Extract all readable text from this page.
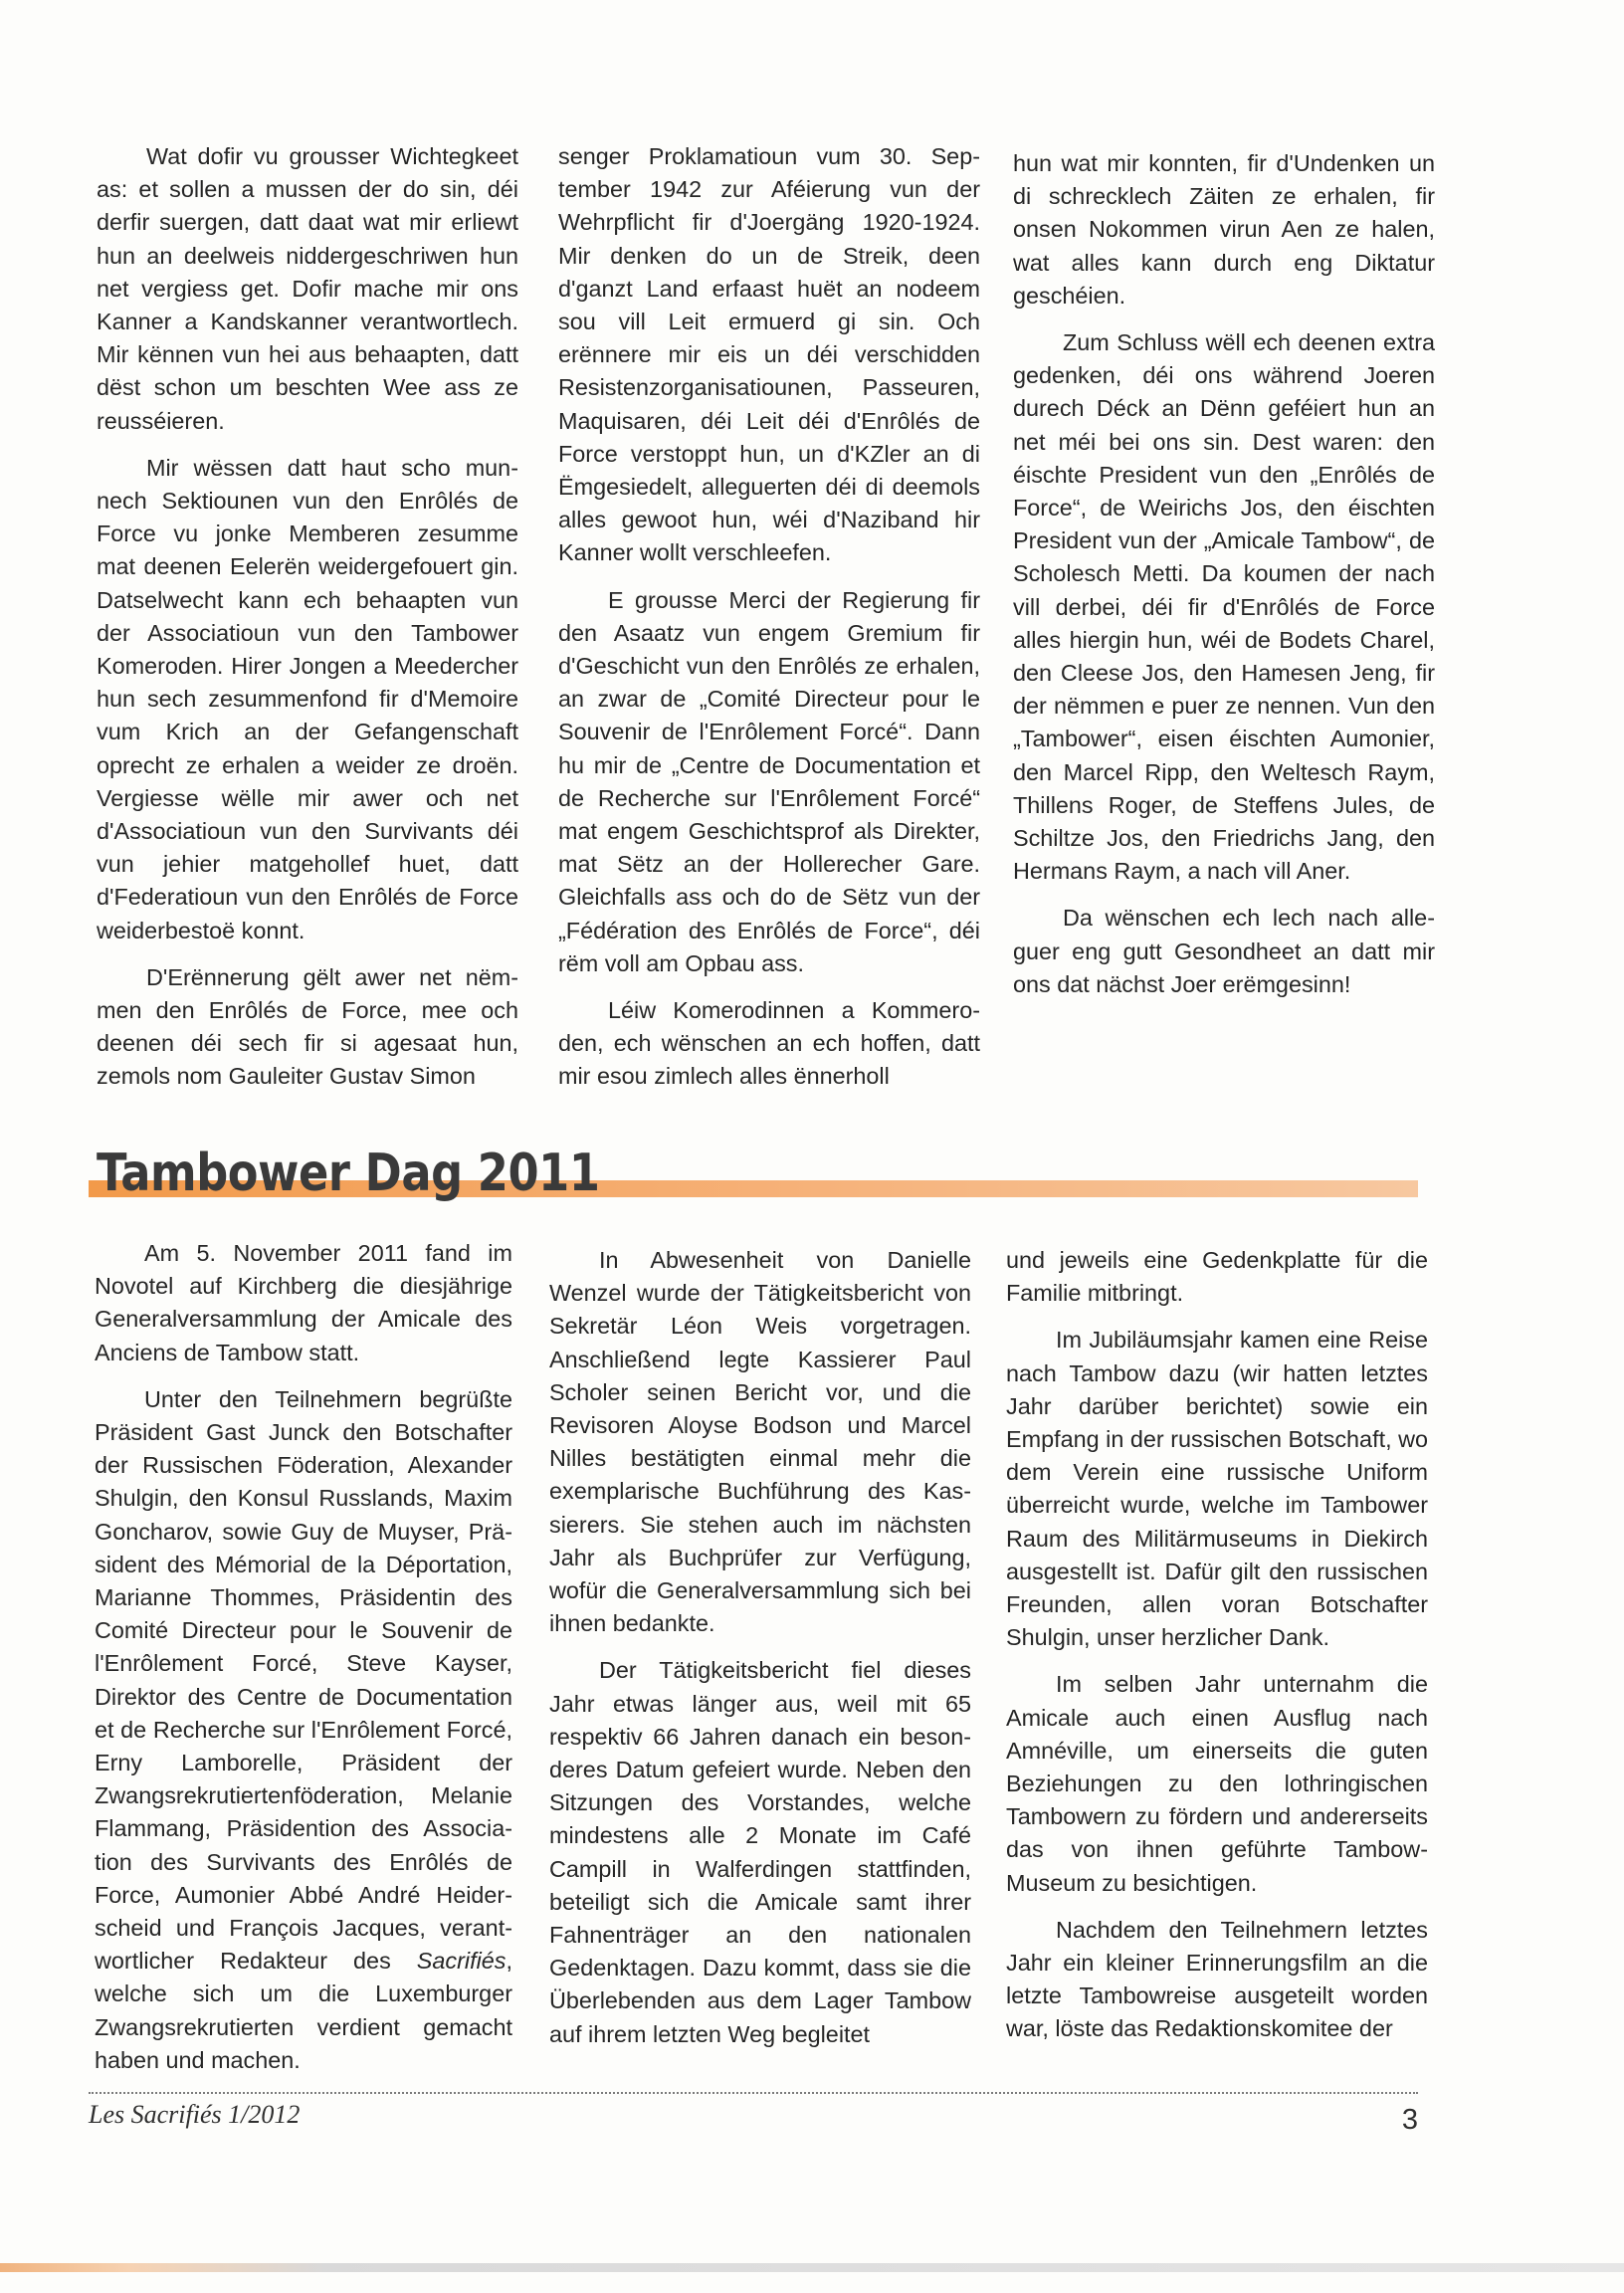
Wat dofir vu grousser Wichtegkeet as: et sollen a mussen der do sin, déi derfir suergen, datt daat wat mir erliewt hun an deelweis niddergeschriwen hun net vergiess get. Dofir mache mir ons Kanner a Kandskanner verantwortlech. Mir kënnen vun hei aus behaapten, datt dëst schon um beschten Wee ass ze reusséieren.

Mir wëssen datt haut scho munnech Sektiounen vun den Enrôlés de Force vu jonke Memberen zesumme mat deenen Eelerën weidergefouert gin. Datselwecht kann ech behaapten vun der Associatioun vun den Tambower Komeroden. Hirer Jongen a Meedercher hun sech zesummenfond fir d'Memoire vum Krich an der Gefangenschaft oprecht ze erhalen a weider ze droën. Vergiesse wëlle mir awer och net d'Associatioun vun den Survivants déi vun jehier matgehollef huet, datt d'Federatioun vun den Enrôlés de Force weiderbestoë konnt.

D'Erënnerung gëlt awer net nëmmen den Enrôlés de Force, mee och deenen déi sech fir si agesaat hun, zemols nom Gauleiter Gustav Simon

senger Proklamatioun vum 30. September 1942 zur Aféierung vun der Wehrpflicht fir d'Joergäng 1920-1924. Mir denken do un de Streik, deen d'ganzt Land erfaast huët an nodeem sou vill Leit ermuerd gi sin. Och erënnere mir eis un déi verschidden Resistenzorganisatiounen, Passeuren, Maquisaren, déi Leit déi d'Enrôlés de Force verstoppt hun, un d'KZler an di Ëmgesiedelt, alleguerten déi di deemols alles gewoot hun, wéi d'Naziband hir Kanner wollt verschleefen.

E grousse Merci der Regierung fir den Asaatz vun engem Gremium fir d'Geschicht vun den Enrôlés ze erhalen, an zwar de „Comité Directeur pour le Souvenir de l'Enrôlement Forcé“. Dann hu mir de „Centre de Documentation et de Recherche sur l'Enrôlement Forcé“ mat engem Geschichtsprof als Direkter, mat Sëtz an der Hollerecher Gare. Gleichfalls ass och do de Sëtz vun der „Fédération des Enrôlés de Force“, déi rëm voll am Opbau ass.

Léiw Komerodinnen a Kommeroden, ech wënschen an ech hoffen, datt mir esou zimlech alles ënnerholl

hun wat mir konnten, fir d'Undenken un di schrecklech Zäiten ze erhalen, fir onsen Nokommen virun Aen ze halen, wat alles kann durch eng Diktatur geschéien.

Zum Schluss wëll ech deenen extra gedenken, déi ons während Joeren durech Déck an Dënn geféiert hun an net méi bei ons sin. Dest waren: den éischte President vun den „Enrôlés de Force“, de Weirichs Jos, den éischten President vun der „Amicale Tambow“, de Scholesch Metti. Da koumen der nach vill derbei, déi fir d'Enrôlés de Force alles hiergin hun, wéi de Bodets Charel, den Cleese Jos, den Hamesen Jeng, fir der nëmmen e puer ze nennen. Vun den „Tambower“, eisen éischten Aumonier, den Marcel Ripp, den Weltesch Raym, Thillens Roger, de Steffens Jules, de Schiltze Jos, den Friedrichs Jang, den Hermans Raym, a nach vill Aner.

Da wënschen ech lech nach alleguer eng gutt Gesondheet an datt mir ons dat nächst Joer erëmgesinn!

Tambower Dag 2011

Am 5. November 2011 fand im Novotel auf Kirchberg die diesjährige Generalversammlung der Amicale des Anciens de Tambow statt.

Unter den Teilnehmern begrüßte Präsident Gast Junck den Botschafter der Russischen Föderation, Alexander Shulgin, den Konsul Russlands, Maxim Goncharov, sowie Guy de Muyser, Präsident des Mémorial de la Déportation, Marianne Thommes, Präsidentin des Comité Directeur pour le Souvenir de l'Enrôlement Forcé, Steve Kayser, Direktor des Centre de Documentation et de Recherche sur l'Enrôlement Forcé, Erny Lamborelle, Präsident der Zwangsrekrutiertenföderation, Melanie Flammang, Präsidention des Association des Survivants des Enrôlés de Force, Aumonier Abbé André Heiderscheid und François Jacques, verantwortlicher Redakteur des Sacrifiés, welche sich um die Luxemburger Zwangsrekrutierten verdient gemacht haben und machen.

In Abwesenheit von Danielle Wenzel wurde der Tätigkeitsbericht von Sekretär Léon Weis vorgetragen. Anschließend legte Kassierer Paul Scholer seinen Bericht vor, und die Revisoren Aloyse Bodson und Marcel Nilles bestätigten einmal mehr die exemplarische Buchführung des Kassierers. Sie stehen auch im nächsten Jahr als Buchprüfer zur Verfügung, wofür die Generalversammlung sich bei ihnen bedankte.

Der Tätigkeitsbericht fiel dieses Jahr etwas länger aus, weil mit 65 respektiv 66 Jahren danach ein besonderes Datum gefeiert wurde. Neben den Sitzungen des Vorstandes, welche mindestens alle 2 Monate im Café Campill in Walferdingen stattfinden, beteiligt sich die Amicale samt ihrer Fahnenträger an den nationalen Gedenktagen. Dazu kommt, dass sie die Überlebenden aus dem Lager Tambow auf ihrem letzten Weg begleitet

und jeweils eine Gedenkplatte für die Familie mitbringt.

Im Jubiläumsjahr kamen eine Reise nach Tambow dazu (wir hatten letztes Jahr darüber berichtet) sowie ein Empfang in der russischen Botschaft, wo dem Verein eine russische Uniform überreicht wurde, welche im Tambower Raum des Militärmuseums in Diekirch ausgestellt ist. Dafür gilt den russischen Freunden, allen voran Botschafter Shulgin, unser herzlicher Dank.

Im selben Jahr unternahm die Amicale auch einen Ausflug nach Amnéville, um einerseits die guten Beziehungen zu den lothringischen Tambowern zu fördern und andererseits das von ihnen geführte Tambow-Museum zu besichtigen.

Nachdem den Teilnehmern letztes Jahr ein kleiner Erinnerungsfilm an die letzte Tambowreise ausgeteilt worden war, löste das Redaktionskomitee der

Les Sacrifiés 1/2012	3
